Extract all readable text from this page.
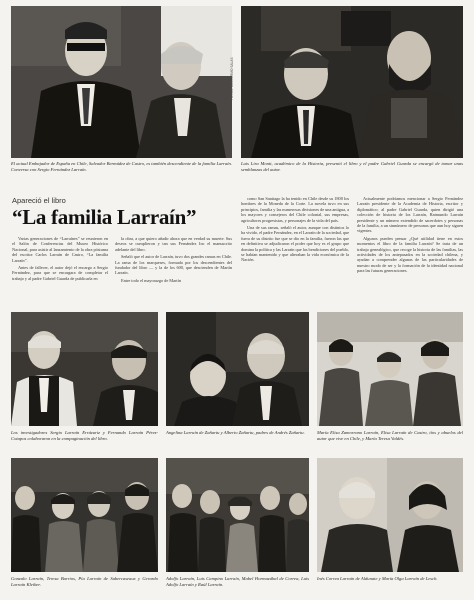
El actual Embajador de España en Chile, Salvador Bermúdez de Castro, es también descendiente de la familia Larraín. Conversa con Sergio Fernández Larraín.
Luis Lira Montt, académico de la Historia, presentó el libro y el padre Gabriel Guarda se encargó de tomar unas semblanzas del autor.
Apareció el libro
“La familia Larraín”

Varias generaciones de “Larraínes” se reunieron en el Salón de Conferencias del Museo Histórico Nacional, para asistir al lanzamiento de la obra póstuma del escritor Carlos Larraín de Castro, “La familia Larraín”.

Antes de fallecer, el autor dejó el encargo a Sergio Fernández, para que se encargara de completar el trabajo y al padre Gabriel Guarda de publicarla en

la obra, a que quiero añadir ahora que en verdad su muerte. Sus deseos se cumplieron y tan sus Fernández Inc el manuscrito adelante del libro.

Señaló que el autor de Larraín, tuvo dos grandes ramas en Chile. La rama de los marqueses, formada por los descendientes del fundador del libro — y la de los 600, que descienden de Martín Larraín.

Entre todo el mayorazgo de Martín

como San Santiago la ha tenido en Chile desde su 1800 los hombres de la Moneda de la Corte. La novela tuvo en sus principios, familia y las numerosas divisiones de una antigua, a los mayores y consejeros del Chile colonial, sus empresas, agricultores progresistas, y personajes de la vida del país.

Una de sus ramas, señaló el autor, aunque con distintos lo ha vivido, el padre Fernández, en el Larraín de la sociedad, que fuera de su distrito fue que se dio en la familia, fueron las que en definitiva se adjudicaron el poder que hoy es el grupo que domina la política y las Larraín que las bendiciones del pueblo, se habían mantenido y que alteraban la vida económica de la Nación.

Actualmente podríamos mencionar a Sergio Fernández Larraín presidente de la Academia de Historia, escritor y diplomático; al padre Gabriel Guarda, quien dirigió una colección de historia de los Larraín, Raimundo Larraín presidente y un número extendido de sacerdotes y personas de la familia, a un sinnúmero de personas que aun hoy siguen vigentes.

Algunos pueden pensar ¿Qué utilidad tiene en estos momentos el libro de la familia Larraín? Se trata de un trabajo genealógico, que recoge la historia de las familias, las actividades de los antepasados en la sociedad chilena, y ayudan a comprender algunas de las particularidades de nuestro modo de ser y la formación de la identidad nacional para las futuras generaciones.

Los investigadores Sergio Larraín Errázuriz y Fernando Larraín Pérez-Cotapos colaboraron en la compaginación del libro.
Angelina Larraín de Zañartu y Alberto Zañartu, padres de Andrés Zañartu.	María Elisa Zamorrano Larraín, Elisa Larraín de Castro, tíos y abuelos del autor que vive en Chile, y María Teresa Valdés.
Gonzalo Larraín, Teresa Barrios, Pía Larraín de Subercaseaux y Gerardo Larraín Kleiber.
Adolfo Larraín, Luis Campino Larraín, Mabel Hormazábal de Correa, Luis Adolfo Larraín y Raúl Larraín.
Inés Correa Larraín de Aldunate y María Olga Larraín de Lesch.
FOTOS: GUILLERMO SALAS
